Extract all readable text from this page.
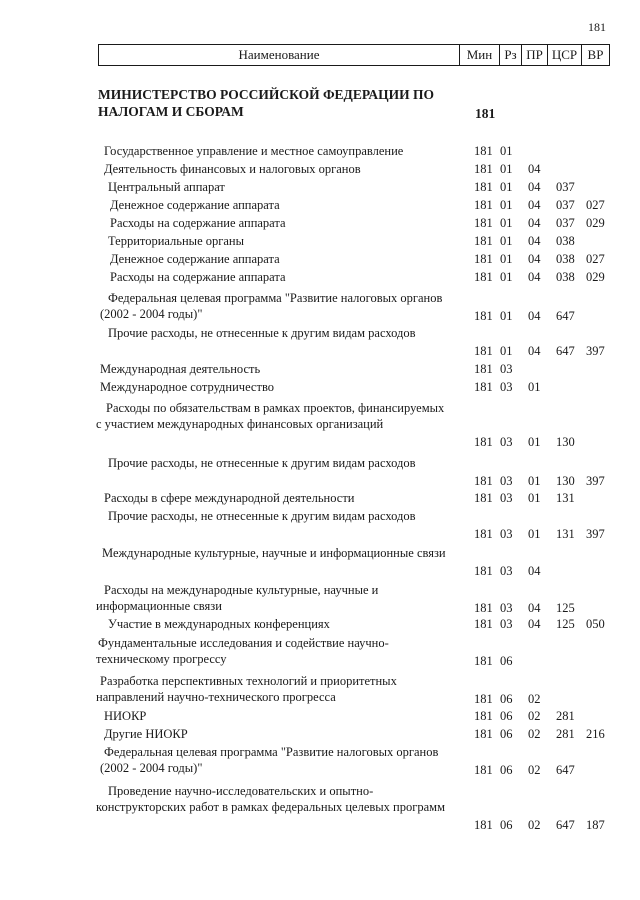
181
Наименование	Мин Рз ПР ЦСР ВР
МИНИСТЕРСТВО РОССИЙСКОЙ ФЕДЕРАЦИИ ПО НАЛОГАМ И СБОРАМ	181
Государственное управление и местное самоуправление	181 01
Деятельность финансовых и налоговых органов	181 01 04
Центральный аппарат	181 01 04 037
Денежное содержание аппарата	181 01 04 037 027
Расходы на содержание аппарата	181 01 04 037 029
Территориальные органы	181 01 04 038
Денежное содержание аппарата	181 01 04 038 027
Расходы на содержание аппарата	181 01 04 038 029
Федеральная целевая программа "Развитие налоговых органов (2002 - 2004 годы)"	181 01 04 647
Прочие расходы, не отнесенные к другим видам расходов
181 01 04 647 397
Международная деятельность	181 03
Международное сотрудничество	181 03 01
Расходы по обязательствам в рамках проектов, финансируемых с участием международных финансовых организаций
181 03 01 130
Прочие расходы, не отнесенные к другим видам расходов
181 03 01 130 397
Расходы в сфере международной деятельности	181 03 01 131
Прочие расходы, не отнесенные к другим видам расходов
181 03 01 131 397
Международные культурные, научные и информационные связи
181 03 04
Расходы на международные культурные, научные и информационные связи	181 03 04 125
Участие в международных конференциях	181 03 04 125 050
Фундаментальные исследования и содействие научно-техническому прогрессу	181 06
Разработка перспективных технологий и приоритетных направлений научно-технического прогресса	181 06 02
НИОКР	181 06 02 281
Другие НИОКР	181 06 02 281 216
Федеральная целевая программа "Развитие налоговых органов (2002 - 2004 годы)"	181 06 02 647
Проведение научно-исследовательских и опытно-конструкторских работ в рамках федеральных целевых программ
181 06 02 647 187
